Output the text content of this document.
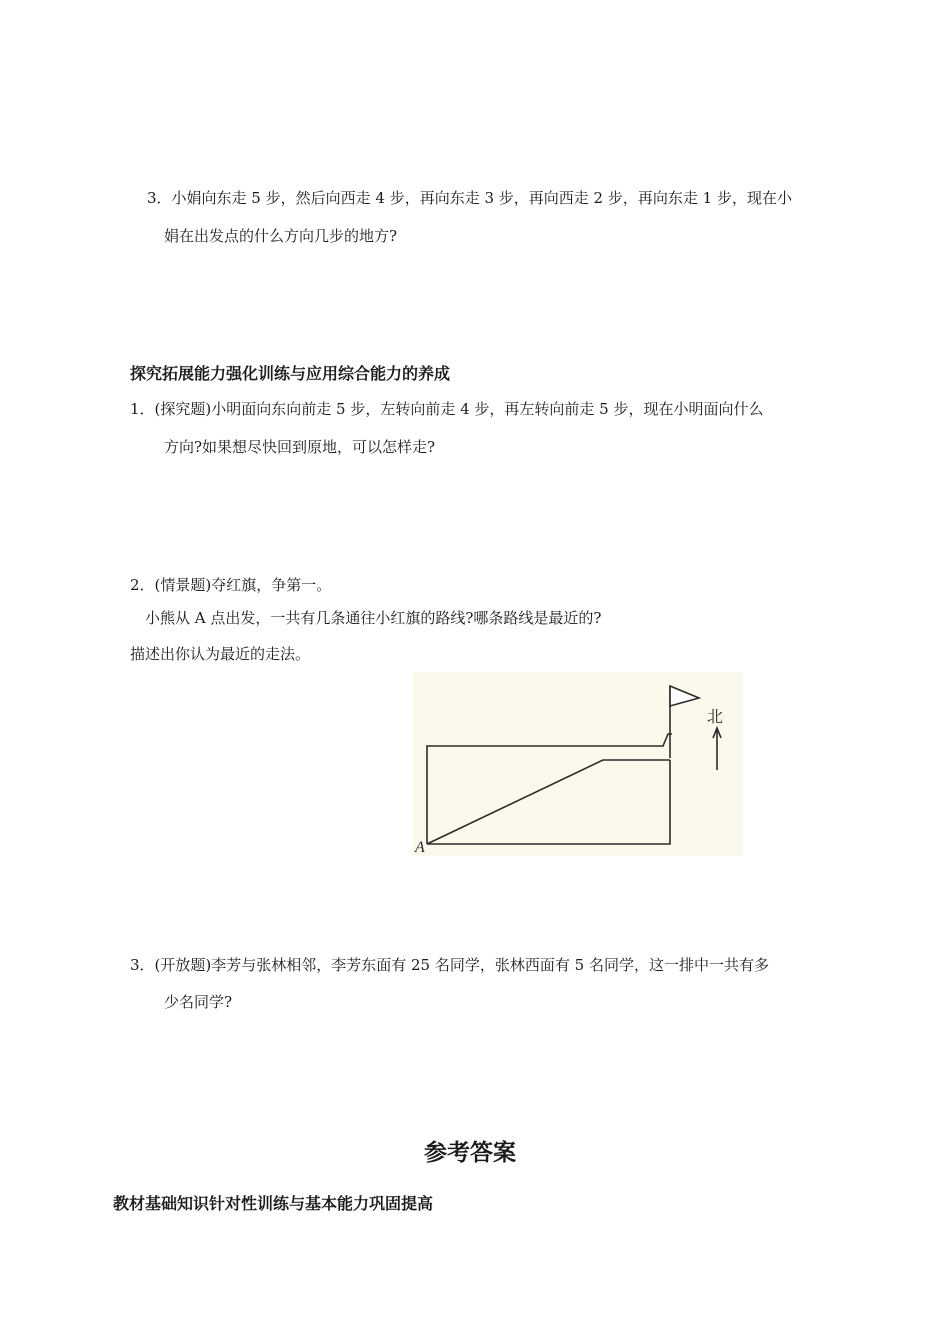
3．小娟向东走 5 步，然后向西走 4 步，再向东走 3 步，再向西走 2 步，再向东走 1 步，现在小
娟在出发点的什么方向几步的地方?
探究拓展能力强化训练与应用综合能力的养成
1．(探究题)小明面向东向前走 5 步，左转向前走 4 步，再左转向前走 5 步，现在小明面向什么
方向?如果想尽快回到原地，可以怎样走?
2．(情景题)夺红旗，争第一。
小熊从 A 点出发，一共有几条通往小红旗的路线?哪条路线是最近的?
描述出你认为最近的走法。
A
北
3．(开放题)李芳与张林相邻，李芳东面有 25 名同学，张林西面有 5 名同学，这一排中一共有多
少名同学?
参考答案
教材基础知识针对性训练与基本能力巩固提高
